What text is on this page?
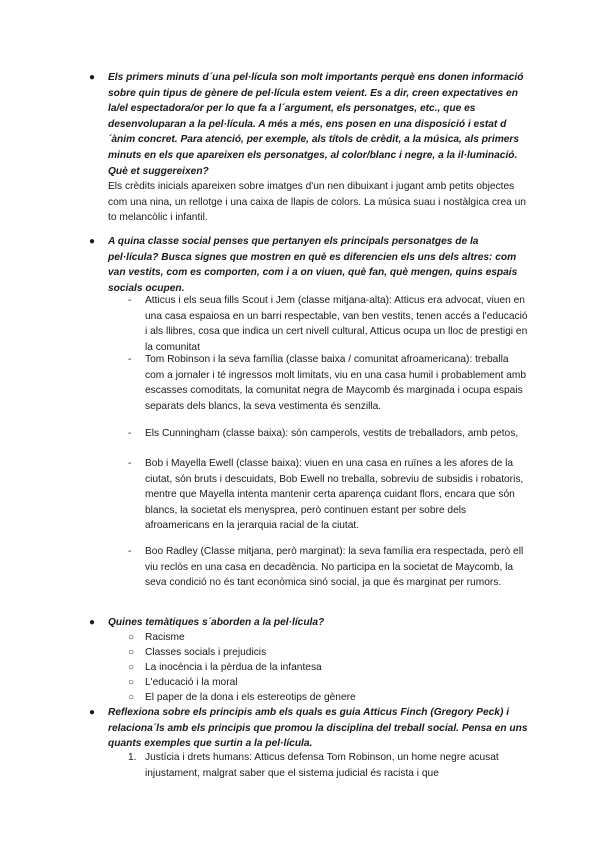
● Els primers minuts d´una pel·lícula son molt importants perquè ens donen informació sobre quin tipus de gènere de pel·lícula estem veient. Es a dir, creen expectatives en la/el espectadora/or per lo que fa a l´argument, els personatges, etc., que es desenvoluparan a la pel·lícula. A més a més, ens posen en una disposició i estat d´ànim concret. Para atenció, per exemple, als títols de crèdit, a la música, als primers minuts en els que apareixen els personatges, al color/blanc i negre, a la il·luminació. Què et suggereixen?

Els crèdits inicials apareixen sobre imatges d'un nen dibuixant i jugant amb petits objectes com una nina, un rellotge i una caixa de llapis de colors. La música suau i nostàlgica crea un to melancòlic i infantil.

● A quina classe social penses que pertanyen els principals personatges de la pel·lícula? Busca signes que mostren en què es diferencien els uns dels altres: com van vestits, com es comporten, com i a on viuen, què fan, què mengen, quins espais socials ocupen.

- Atticus i els seua fills Scout i Jem (classe mitjana-alta): Atticus era advocat, viuen en una casa espaiosa en un barri respectable, van ben vestits, tenen accés a l'educació i als llibres, cosa que indica un cert nivell cultural, Atticus ocupa un lloc de prestigi en la comunitat

- Tom Robinson i la seva família (classe baixa / comunitat afroamericana): treballa com a jornaler i té ingressos molt limitats, viu en una casa humil i probablement amb escasses comoditats, la comunitat negra de Maycomb és marginada i ocupa espais separats dels blancs, la seva vestimenta és senzilla.

- Els Cunningham (classe baixa): són camperols, vestits de treballadors, amb petos,

- Bob i Mayella Ewell (classe baixa): viuen en una casa en ruïnes a les afores de la ciutat, són bruts i descuidats, Bob Ewell no treballa, sobreviu de subsidis i robatoris, mentre que Mayella intenta mantenir certa aparença cuidant flors, encara que són blancs, la societat els menysprea, però continuen estant per sobre dels afroamericans en la jerarquia racial de la ciutat.

- Boo Radley (Classe mitjana, però marginat): la seva família era respectada, però ell viu reclòs en una casa en decadència. No participa en la societat de Maycomb, la seva condició no és tant econòmica sinó social, ja que és marginat per rumors.

● Quines temàtiques s´aborden a la pel·lícula?

○ Racisme

○ Classes socials i prejudicis

○ La inocència i la pèrdua de la infantesa

○ L'educació i la moral

○ El paper de la dona i els estereotips de gènere

● Reflexiona sobre els principis amb els quals es guia Atticus Finch (Gregory Peck) i relaciona´ls amb els principis que promou la disciplina del treball social. Pensa en uns quants exemples que surtin a la pel·lícula.

1. Justícia i drets humans: Atticus defensa Tom Robinson, un home negre acusat injustament, malgrat saber que el sistema judicial és racista i que
